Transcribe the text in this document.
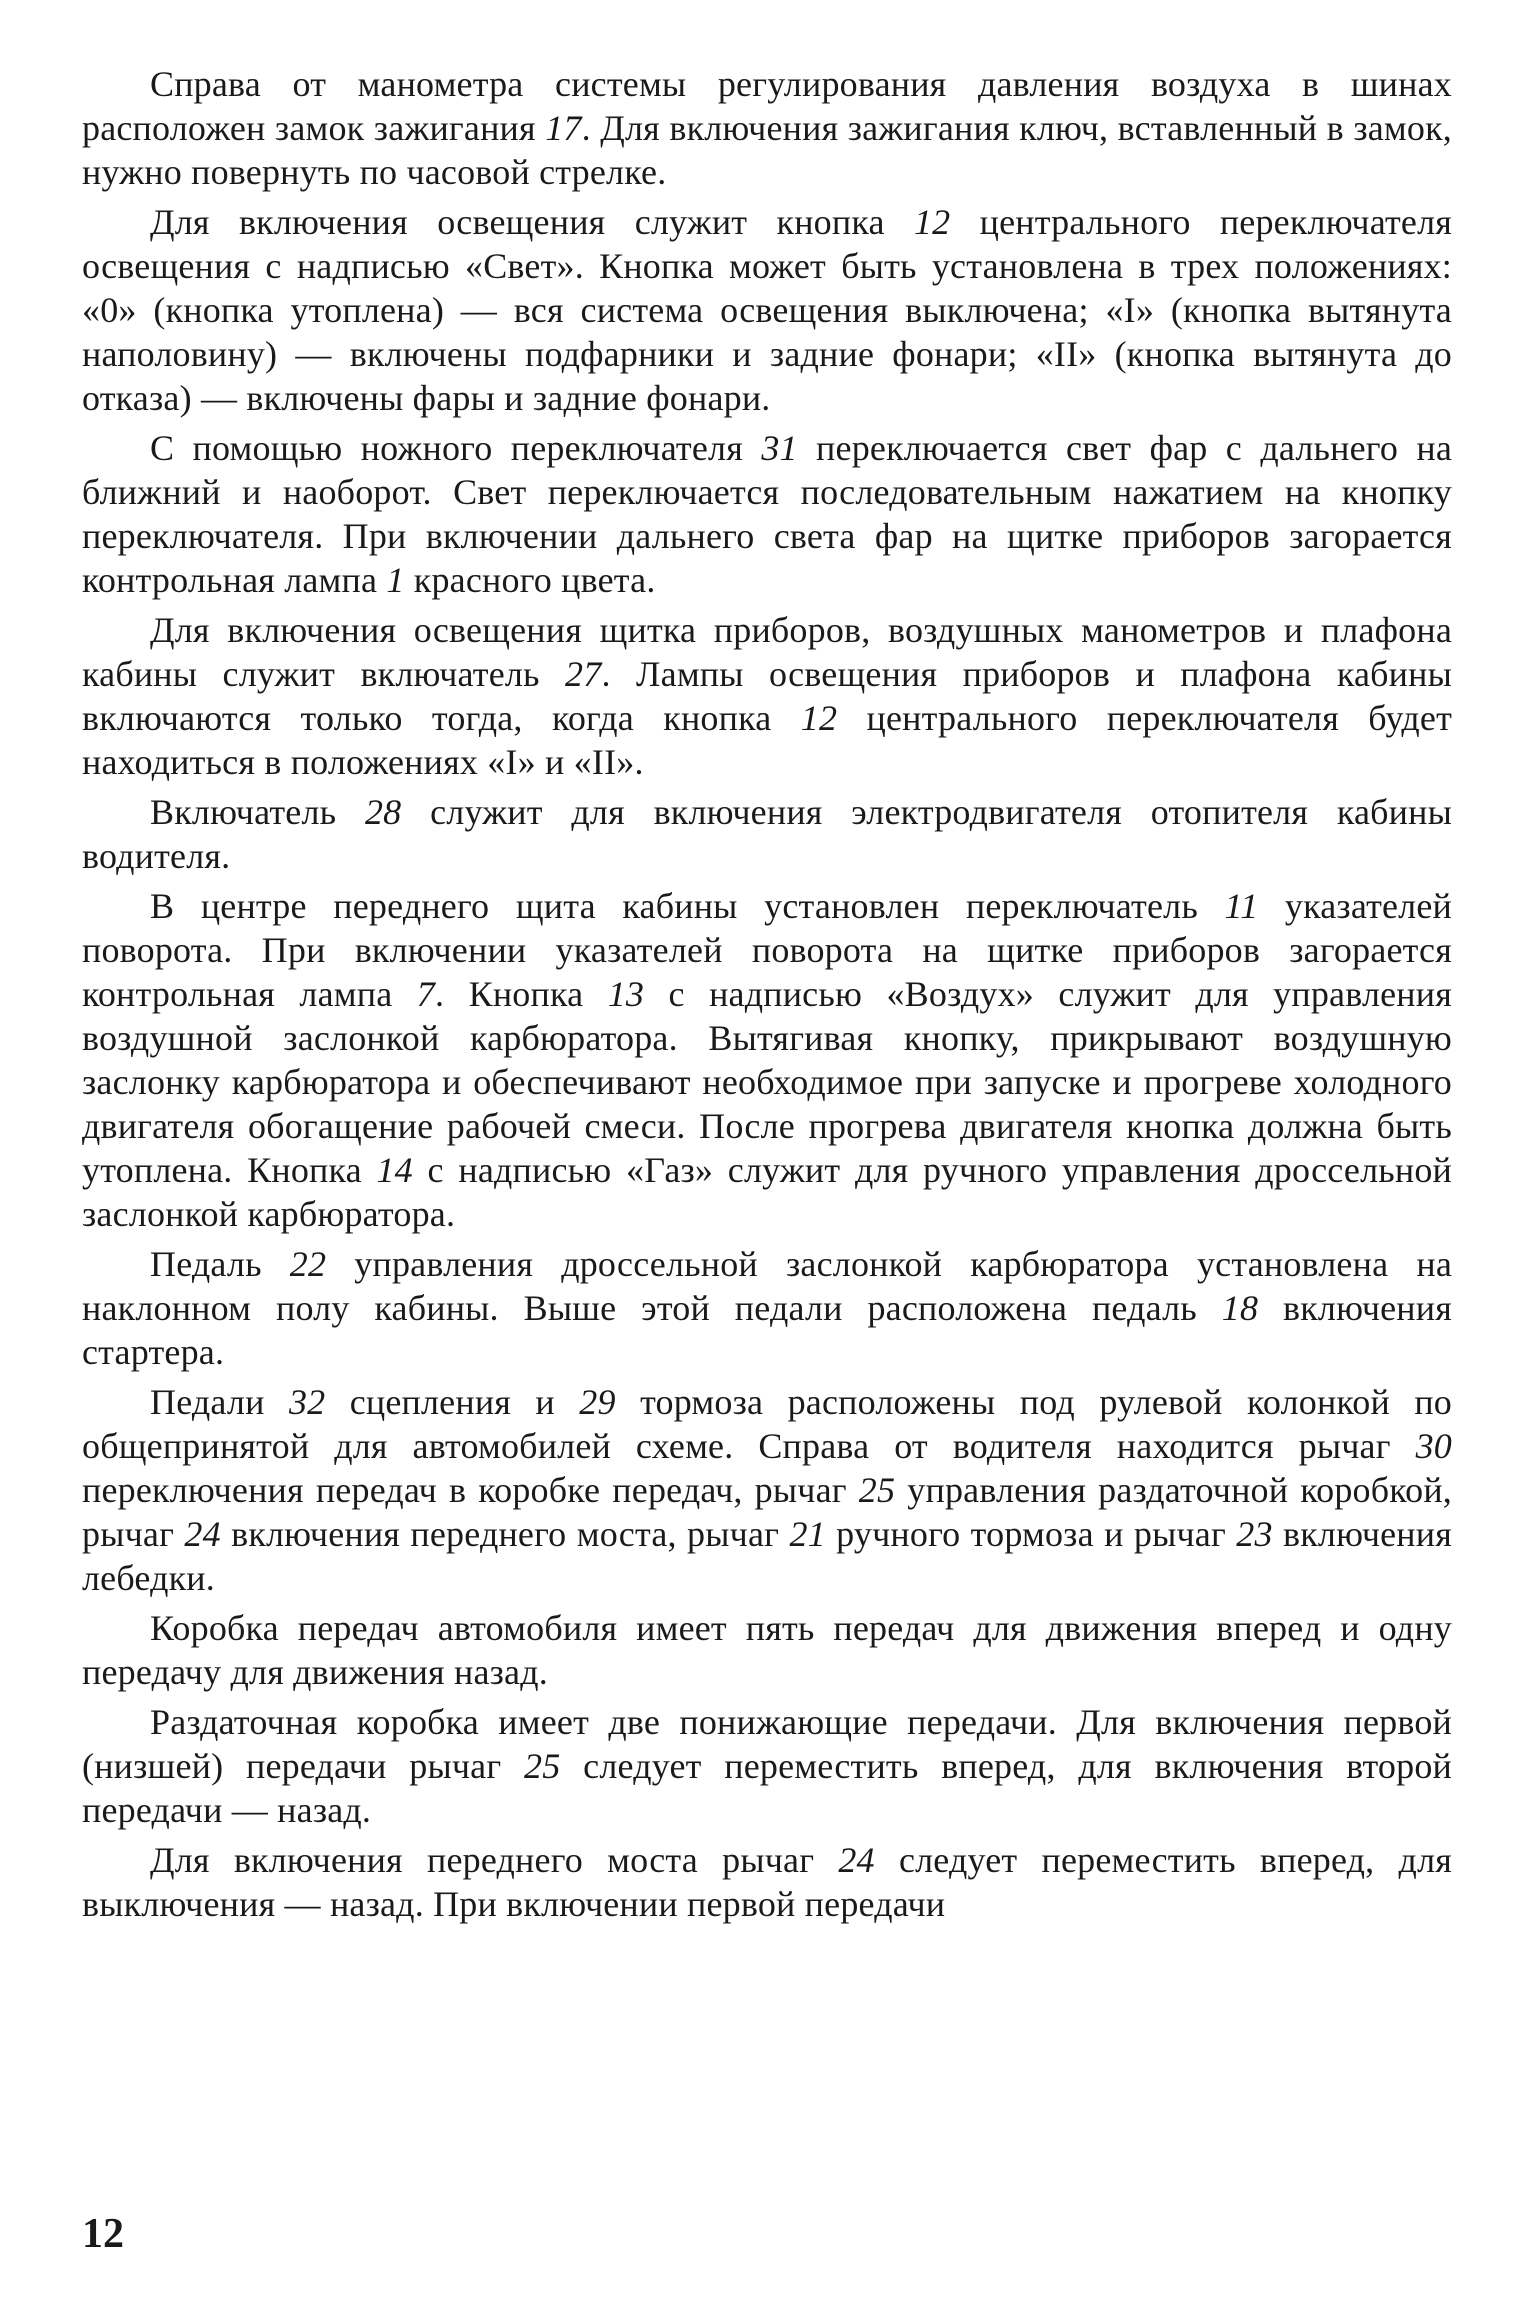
Справа от манометра системы регулирования давления воздуха в шинах расположен замок зажигания 17. Для включения зажигания ключ, вставленный в замок, нужно повернуть по часовой стрелке.

Для включения освещения служит кнопка 12 центрального переключателя освещения с надписью «Свет». Кнопка может быть установлена в трех положениях: «0» (кнопка утоплена) — вся система освещения выключена; «I» (кнопка вытянута наполовину) — включены подфарники и задние фонари; «II» (кнопка вытянута до отказа) — включены фары и задние фонари.

С помощью ножного переключателя 31 переключается свет фар с дальнего на ближний и наоборот. Свет переключается последовательным нажатием на кнопку переключателя. При включении дальнего света фар на щитке приборов загорается контрольная лампа 1 красного цвета.

Для включения освещения щитка приборов, воздушных манометров и плафона кабины служит включатель 27. Лампы освещения приборов и плафона кабины включаются только тогда, когда кнопка 12 центрального переключателя будет находиться в положениях «I» и «II».

Включатель 28 служит для включения электродвигателя отопителя кабины водителя.

В центре переднего щита кабины установлен переключатель 11 указателей поворота. При включении указателей поворота на щитке приборов загорается контрольная лампа 7. Кнопка 13 с надписью «Воздух» служит для управления воздушной заслонкой карбюратора. Вытягивая кнопку, прикрывают воздушную заслонку карбюратора и обеспечивают необходимое при запуске и прогреве холодного двигателя обогащение рабочей смеси. После прогрева двигателя кнопка должна быть утоплена. Кнопка 14 с надписью «Газ» служит для ручного управления дроссельной заслонкой карбюратора.

Педаль 22 управления дроссельной заслонкой карбюратора установлена на наклонном полу кабины. Выше этой педали расположена педаль 18 включения стартера.

Педали 32 сцепления и 29 тормоза расположены под рулевой колонкой по общепринятой для автомобилей схеме. Справа от водителя находится рычаг 30 переключения передач в коробке передач, рычаг 25 управления раздаточной коробкой, рычаг 24 включения переднего моста, рычаг 21 ручного тормоза и рычаг 23 включения лебедки.

Коробка передач автомобиля имеет пять передач для движения вперед и одну передачу для движения назад.

Раздаточная коробка имеет две понижающие передачи. Для включения первой (низшей) передачи рычаг 25 следует переместить вперед, для включения второй передачи — назад.

Для включения переднего моста рычаг 24 следует переместить вперед, для выключения — назад. При включении первой передачи

12
